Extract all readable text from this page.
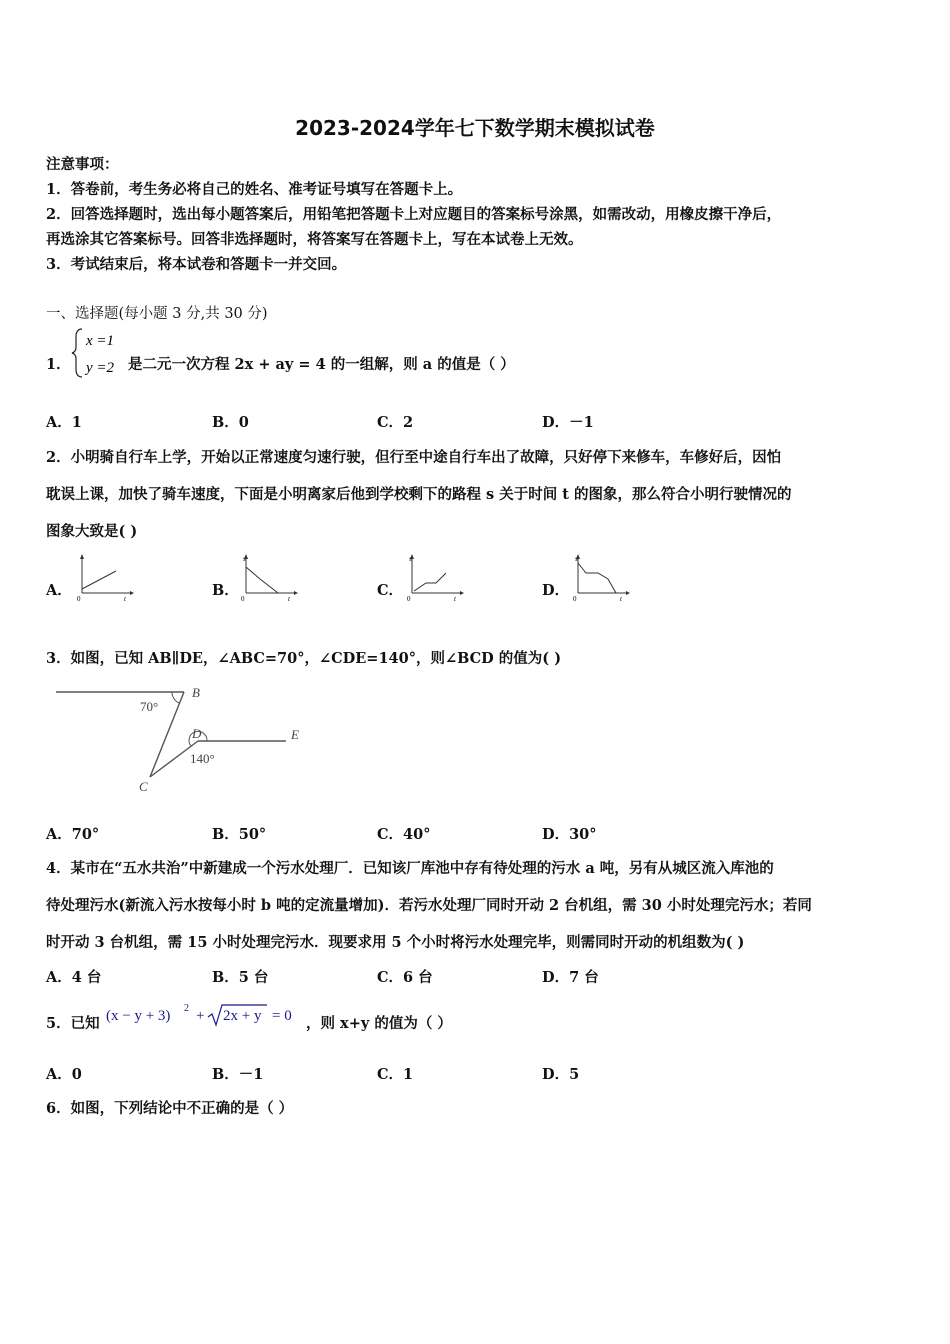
2023-2024学年七下数学期末模拟试卷
注意事项：
1．答卷前，考生务必将自己的姓名、准考证号填写在答题卡上。
2．回答选择题时，选出每小题答案后，用铅笔把答题卡上对应题目的答案标号涂黑，如需改动，用橡皮擦干净后，
再选涂其它答案标号。回答非选择题时，将答案写在答题卡上，写在本试卷上无效。
3．考试结束后，将本试卷和答题卡一并交回。
一、选择题(每小题 3 分,共 30 分)
1．
x =1
y =2 是二元一次方程 2x + ay = 4 的一组解，则 a 的值是（ ）
A．1	B．0	C．2	D．－1
2．小明骑自行车上学，开始以正常速度匀速行驶，但行至中途自行车出了故障，只好停下来修车，车修好后，因怕
耽误上课，加快了骑车速度，下面是小明离家后他到学校剩下的路程 s 关于时间 t 的图象，那么符合小明行驶情况的
图象大致是( )
A． 0	t	B．
s
0	t	C．
s
0	t	D．
s
0	t
3．如图，已知 AB∥DE，∠ABC=70°，∠CDE=140°，则∠BCD 的值为( )
70°
140°
B
D	E
C
A．70°	B．50°	C．40°	D．30°
4．某市在“五水共治”中新建成一个污水处理厂．已知该厂库池中存有待处理的污水 a 吨，另有从城区流入库池的
待处理污水(新流入污水按每小时 b 吨的定流量增加)．若污水处理厂同时开动 2 台机组，需 30 小时处理完污水；若同
时开动 3 台机组，需 15 小时处理完污水．现要求用 5 个小时将污水处理完毕，则需同时开动的机组数为( )
A．4 台	B．5 台	C．6 台	D．7 台
5．已知 (x − y + 3) 2 + 2x + y = 0 ，则 x+y 的值为（ ）
A．0	B．－1	C．1	D．5
6．如图，下列结论中不正确的是（ ）
